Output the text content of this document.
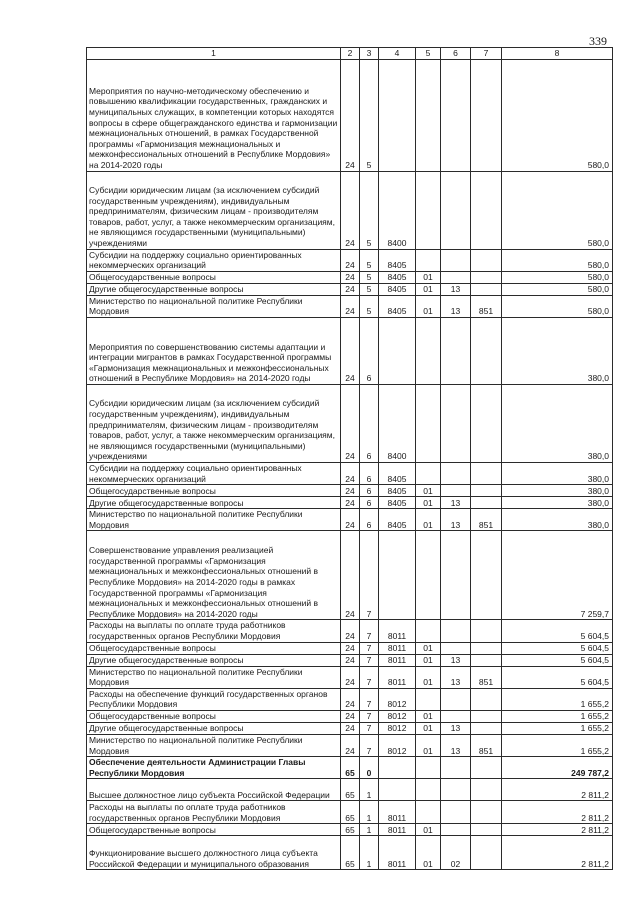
339
1	2	3	4	5	6	7	8
Мероприятия по научно-методическому обеспечению и повышению квалификации государственных, гражданских и муниципальных служащих, в компетенции которых находятся вопросы в сфере общегражданского единства и гармонизации межнациональных отношений, в рамках Государственной программы «Гармонизация межнациональных и межконфессиональных отношений в Республике Мордовия» на 2014-2020 годы	24	5					580,0
Субсидии юридическим лицам (за исключением субсидий государственным учреждениям), индивидуальным предпринимателям, физическим лицам - производителям товаров, работ, услуг, а также некоммерческим организациям, не являющимся государственными (муниципальными) учреждениями	24	5	8400				580,0
Субсидии на поддержку социально ориентированных некоммерческих организаций	24	5	8405				580,0
Общегосударственные вопросы	24	5	8405	01			580,0
Другие общегосударственные вопросы	24	5	8405	01	13		580,0
Министерство по национальной политике Республики Мордовия	24	5	8405	01	13	851	580,0
Мероприятия по совершенствованию системы адаптации и интеграции мигрантов в рамках Государственной программы «Гармонизация межнациональных и межконфессиональных отношений в Республике Мордовия» на 2014-2020 годы	24	6					380,0
Субсидии юридическим лицам (за исключением субсидий государственным учреждениям), индивидуальным предпринимателям, физическим лицам - производителям товаров, работ, услуг, а также некоммерческим организациям, не являющимся государственными (муниципальными) учреждениями	24	6	8400				380,0
Субсидии на поддержку социально ориентированных некоммерческих организаций	24	6	8405				380,0
Общегосударственные вопросы	24	6	8405	01			380,0
Другие общегосударственные вопросы	24	6	8405	01	13		380,0
Министерство по национальной политике Республики Мордовия	24	6	8405	01	13	851	380,0
Совершенствование управления реализацией государственной программы «Гармонизация межнациональных и межконфессиональных отношений в Республике Мордовия» на 2014-2020 годы в рамках Государственной программы «Гармонизация межнациональных и межконфессиональных отношений в Республике Мордовия» на 2014-2020 годы	24	7					7 259,7
Расходы на выплаты по оплате труда работников государственных органов Республики Мордовия	24	7	8011				5 604,5
Общегосударственные вопросы	24	7	8011	01			5 604,5
Другие общегосударственные вопросы	24	7	8011	01	13		5 604,5
Министерство по национальной политике Республики Мордовия	24	7	8011	01	13	851	5 604,5
Расходы на обеспечение функций государственных органов Республики Мордовия	24	7	8012				1 655,2
Общегосударственные вопросы	24	7	8012	01			1 655,2
Другие общегосударственные вопросы	24	7	8012	01	13		1 655,2
Министерство по национальной политике Республики Мордовия	24	7	8012	01	13	851	1 655,2
Обеспечение деятельности Администрации Главы Республики Мордовия	65	0					249 787,2
Высшее должностное лицо субъекта Российской Федерации	65	1					2 811,2
Расходы на выплаты по оплате труда работников государственных органов Республики Мордовия	65	1	8011				2 811,2
Общегосударственные вопросы	65	1	8011	01			2 811,2
Функционирование высшего должностного лица субъекта Российской Федерации и муниципального образования	65	1	8011	01	02		2 811,2
